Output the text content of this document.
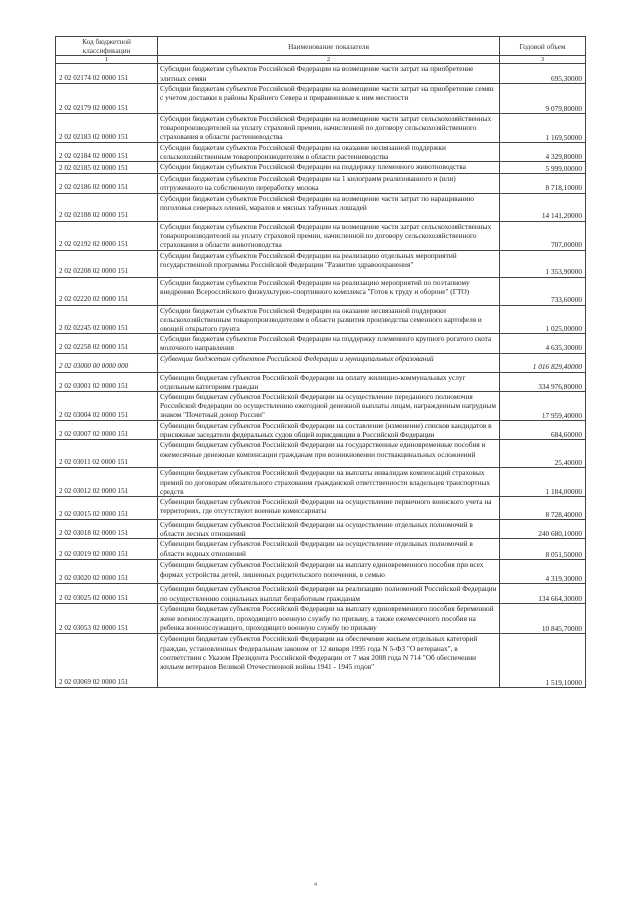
Код бюджетной классификации	Наименование показателя	Годовой объем
1	2	3
2 02 02174 02 0000 151	Субсидии бюджетам субъектов Российской Федерации на возмещение части затрат на приобретение элитных семян	695,30000
2 02 02179 02 0000 151	Субсидии бюджетам субъектов Российской Федерации на возмещение части затрат на приобретение семян с учетом доставки в районы Крайнего Севера и приравненные к ним местности	9 079,80000
2 02 02183 02 0000 151	Субсидии бюджетам субъектов Российской Федерации на возмещение части затрат сельскохозяйственных товаропроизводителей на уплату страховой премии, начисленной по договору сельскохозяйственного страхования в области растениеводства	1 169,50000
2 02 02184 02 0000 151	Субсидии бюджетам субъектов Российской Федерации на оказание несвязанной поддержки сельскохозяйственным товаропроизводителям в области растениеводства	4 329,80000
2 02 02185 02 0000 151	Субсидии бюджетам субъектов Российской Федерации на поддержку племенного животноводства	5 999,00000
2 02 02186 02 0000 151	Субсидии бюджетам субъектов Российской Федерации на 1 килограмм реализованного и (или) отгруженного на собственную переработку молока	8 718,10000
2 02 02188 02 0000 151	Субсидии бюджетам субъектов Российской Федерации на возмещение части затрат по наращиванию поголовья северных оленей, маралов и мясных табунных лошадей	14 141,20000
2 02 02192 02 0000 151	Субсидии бюджетам субъектов Российской Федерации на возмещение части затрат сельскохозяйственных товаропроизводителей на уплату страховой премии, начисленной по договору сельскохозяйственного страхования в области животноводства	707,00000
2 02 02208 02 0000 151	Субсидии бюджетам субъектов Российской Федерации на реализацию отдельных мероприятий государственной программы Российской Федерации "Развитие здравоохранения"	1 353,90000
2 02 02220 02 0000 151	Субсидии бюджетам субъектов Российской Федерации на реализацию мероприятий по поэтапному внедрению Всероссийского физкультурно-спортивного комплекса "Готов к труду и обороне" (ГТО)	733,60000
2 02 02245 02 0000 151	Субсидии бюджетам субъектов Российской Федерации на оказание несвязанной поддержки сельскохозяйственным товаропроизводителям в области развития производства семенного картофеля и овощей открытого грунта	1 025,00000
2 02 02258 02 0000 151	Субсидии бюджетам субъектов Российской Федерации на поддержку племенного крупного рогатого скота молочного направления	4 635,30000
2 02 03000 00 0000 000	Субвенции бюджетам субъектов Российской Федерации и муниципальных образований	1 016 829,40000
2 02 03001 02 0000 151	Субвенции бюджетам субъектов Российской Федерации на оплату жилищно-коммунальных услуг отдельным категориям граждан	334 976,80000
2 02 03004 02 0000 151	Субвенции бюджетам субъектов Российской Федерации на осуществление переданного полномочия Российской Федерации по осуществлению ежегодной денежной выплаты лицам, награжденным нагрудным знаком "Почетный донор России"	17 959,40000
2 02 03007 02 0000 151	Субвенции бюджетам субъектов Российской Федерации на составление (изменение) списков кандидатов в присяжные заседатели федеральных судов общей юрисдикции в Российской Федерации	684,60000
2 02 03011 02 0000 151	Субвенции бюджетам субъектов Российской Федерации на государственные единовременные пособия и ежемесячные денежные компенсации гражданам при возникновении поствакцинальных осложнений	25,40000
2 02 03012 02 0000 151	Субвенции бюджетам субъектов Российской Федерации на выплаты инвалидам компенсаций страховых премий по договорам обязательного страхования гражданской ответственности владельцев транспортных средств	1 184,00000
2 02 03015 02 0000 151	Субвенции бюджетам субъектов Российской Федерации на осуществление первичного воинского учета на территориях, где отсутствуют военные комиссариаты	8 728,40000
2 02 03018 02 0000 151	Субвенции бюджетам субъектов Российской Федерации на осуществление отдельных полномочий в области лесных отношений	240 680,10000
2 02 03019 02 0000 151	Субвенции бюджетам субъектов Российской Федерации на осуществление отдельных полномочий в области водных отношений	8 051,50000
2 02 03020 02 0000 151	Субвенции бюджетам субъектов Российской Федерации на выплату единовременного пособия при всех формах устройства детей, лишенных родительского попечения, в семью	4 319,30000
2 02 03025 02 0000 151	Субвенции бюджетам субъектов Российской Федерации на реализацию полномочий Российской Федерации по осуществлению социальных выплат безработным гражданам	134 664,30000
2 02 03053 02 0000 151	Субвенции бюджетам субъектов Российской Федерации на выплату единовременного пособия беременной жене военнослужащего, проходящего военную службу по призыву, а также ежемесячного пособия на ребенка военнослужащего, проходящего военную службу по призыву	10 845,70000
2 02 03069 02 0000 151	Субвенции бюджетам субъектов Российской Федерации на обеспечение жильем отдельных категорий граждан, установленных Федеральным законом от 12 января 1995 года N 5-ФЗ "О ветеранах", в соответствии с Указом Президента Российской Федерации от 7 мая 2008 года N 714 "Об обеспечении жильем ветеранов Великой Отечественной войны 1941 - 1945 годов"	1 519,10000
4
